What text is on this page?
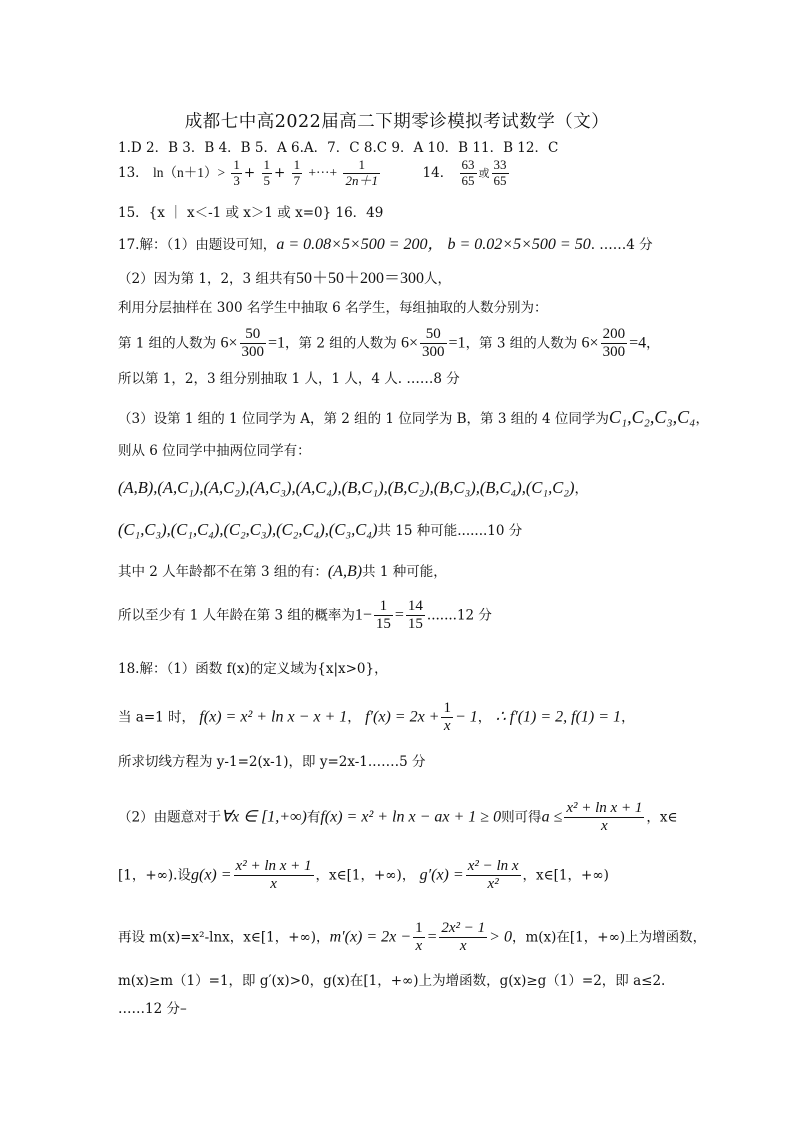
成都七中高2022届高二下期零诊模拟考试数学（文）
1.D 2．B 3．B 4．B 5．A 6.A．7．C 8.C 9．A 10．B 11．B 12．C
13． $\ln(n+1)> \frac{1}{3} + \frac{1}{5} + \frac{1}{7}$ +···+ $\frac{1}{2n+1}$	14． $\frac{63}{65}$ 或 $\frac{33}{65}$
15．{x ｜ x＜-1 或 x＞1 或 x=0} 16．49
17.解：（1）由题设可知，a = 0.08×5×500 = 200， b = 0.02×5×500 = 50. ……4 分
（2）因为第 1，2，3 组共有50＋50＋200＝300人，
利用分层抽样在 300 名学生中抽取 6 名学生，每组抽取的人数分别为：
第 1 组的人数为 $6\times \frac{50}{300} =1$，第 2 组的人数为 $6\times \frac{50}{300} =1$，第 3 组的人数为 $6\times \frac{200}{300} =4$，
所以第 1，2，3 组分别抽取 1 人，1 人，4 人. ……8 分
（3）设第 1 组的 1 位同学为 A，第 2 组的 1 位同学为 B，第 3 组的 4 位同学为C₁,C₂,C₃,C₄，
则从 6 位同学中抽两位同学有：
(A,B),(A,C₁),(A,C₂),(A,C₃),(A,C₄),(B,C₁),(B,C₂),(B,C₃),(B,C₄),(C₁,C₂)，
(C₁,C₃),(C₁,C₄),(C₂,C₃),(C₂,C₄),(C₃,C₄)共 15 种可能.......10 分
其中 2 人年龄都不在第 3 组的有：(A,B)共 1 种可能，
所以至少有 1 人年龄在第 3 组的概率为$1- \frac{1}{15} = \frac{14}{15} .......12$ 分
18.解：（1）函数 f(x)的定义域为{x|x>0}，
当 a=1 时， f(x) = x² + ln x − x + 1， $f'(x) = 2x + \frac{1}{x} - 1$， ∴ f′(1) = 2, f(1) = 1，
所求切线方程为 y-1=2(x-1)，即 y=2x-1.……5 分
（2）由题意对于∀x ∈ [1,+∞)有f(x) = x² + ln x − ax + 1 ≥ 0则可得$a \le \frac{\text{x² + ln x + 1}}{x}$ ，x∈
[1，+∞).设$g(x) = \frac{\text{x² + ln x + 1}}{x}$ ，x∈[1，+∞)， $g'(x) = \frac{\text{x² − ln x}}{\text{x²}}$ ，x∈[1，+∞)
再设 m(x)=x²-lnx，x∈[1，+∞)，$m'(x) = 2x - \frac{1}{x} = \frac{\text{2x² − 1}}{x} > 0$，m(x)在[1，+∞)上为增函数，
m(x)≥m（1）=1，即 g′(x)>0，g(x)在[1，+∞)上为增函数，g(x)≥g（1）=2，即 a≤2.
……12 分–
